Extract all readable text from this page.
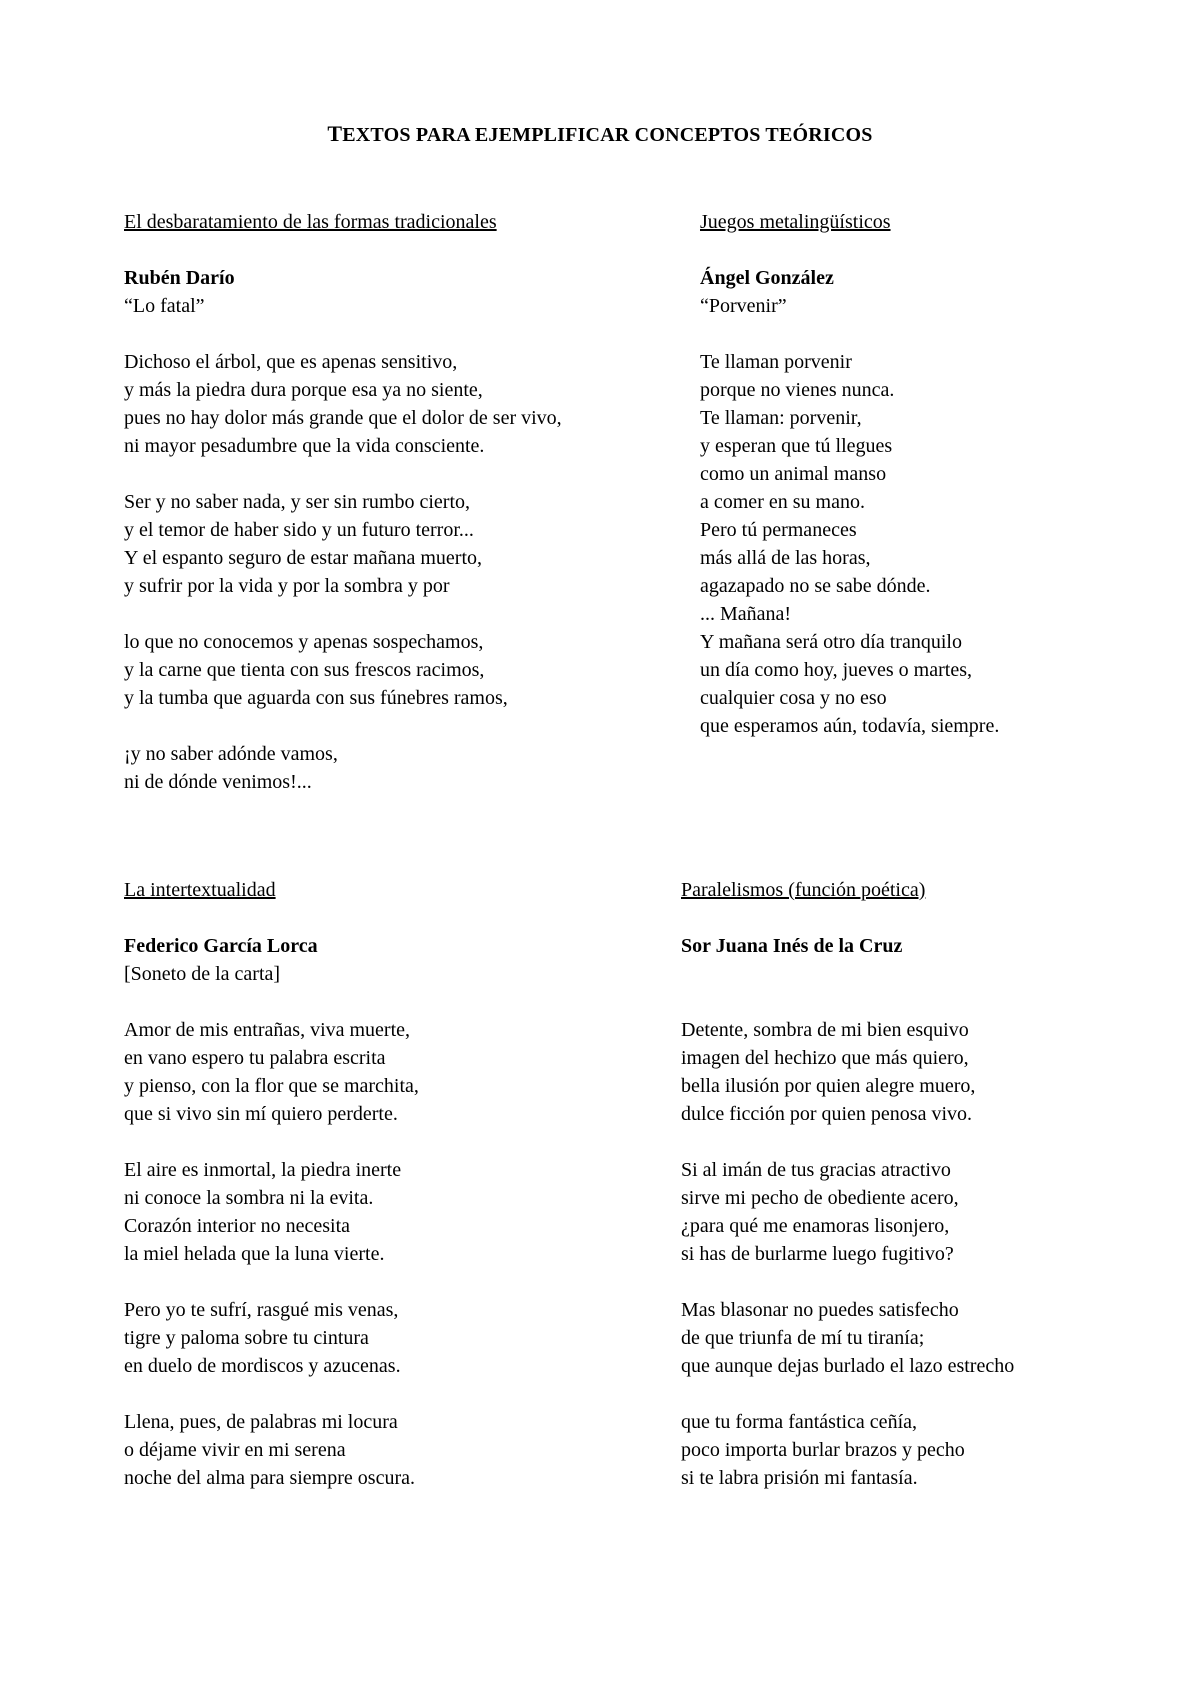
TEXTOS PARA EJEMPLIFICAR CONCEPTOS TEÓRICOS
El desbaratamiento de las formas tradicionales
Rubén Darío
“Lo fatal”
Dichoso el árbol, que es apenas sensitivo,
y más la piedra dura porque esa ya no siente,
pues no hay dolor más grande que el dolor de ser vivo,
ni mayor pesadumbre que la vida consciente.
Ser y no saber nada, y ser sin rumbo cierto,
y el temor de haber sido y un futuro terror...
Y el espanto seguro de estar mañana muerto,
y sufrir por la vida y por la sombra y por
lo que no conocemos y apenas sospechamos,
y la carne que tienta con sus frescos racimos,
y la tumba que aguarda con sus fúnebres ramos,
¡y no saber adónde vamos,
ni de dónde venimos!...
Juegos metalingüísticos
Ángel González
“Porvenir”
Te llaman porvenir
porque no vienes nunca.
Te llaman: porvenir,
y esperan que tú llegues
como un animal manso
a comer en su mano.
Pero tú permaneces
más allá de las horas,
agazapado no se sabe dónde.
... Mañana!
Y mañana será otro día tranquilo
un día como hoy, jueves o martes,
cualquier cosa y no eso
que esperamos aún, todavía, siempre.
La intertextualidad
Federico García Lorca
[Soneto de la carta]
Amor de mis entrañas, viva muerte,
en vano espero tu palabra escrita
y pienso, con la flor que se marchita,
que si vivo sin mí quiero perderte.
El aire es inmortal, la piedra inerte
ni conoce la sombra ni la evita.
Corazón interior no necesita
la miel helada que la luna vierte.
Pero yo te sufrí, rasgué mis venas,
tigre y paloma sobre tu cintura
en duelo de mordiscos y azucenas.
Llena, pues, de palabras mi locura
o déjame vivir en mi serena
noche del alma para siempre oscura.
Paralelismos (función poética)
Sor Juana Inés de la Cruz
Detente, sombra de mi bien esquivo
imagen del hechizo que más quiero,
bella ilusión por quien alegre muero,
dulce ficción por quien penosa vivo.
Si al imán de tus gracias atractivo
sirve mi pecho de obediente acero,
¿para qué me enamoras lisonjero,
si has de burlarme luego fugitivo?
Mas blasonar no puedes satisfecho
de que triunfa de mí tu tiranía;
que aunque dejas burlado el lazo estrecho
que tu forma fantástica ceñía,
poco importa burlar brazos y pecho
si te labra prisión mi fantasía.
